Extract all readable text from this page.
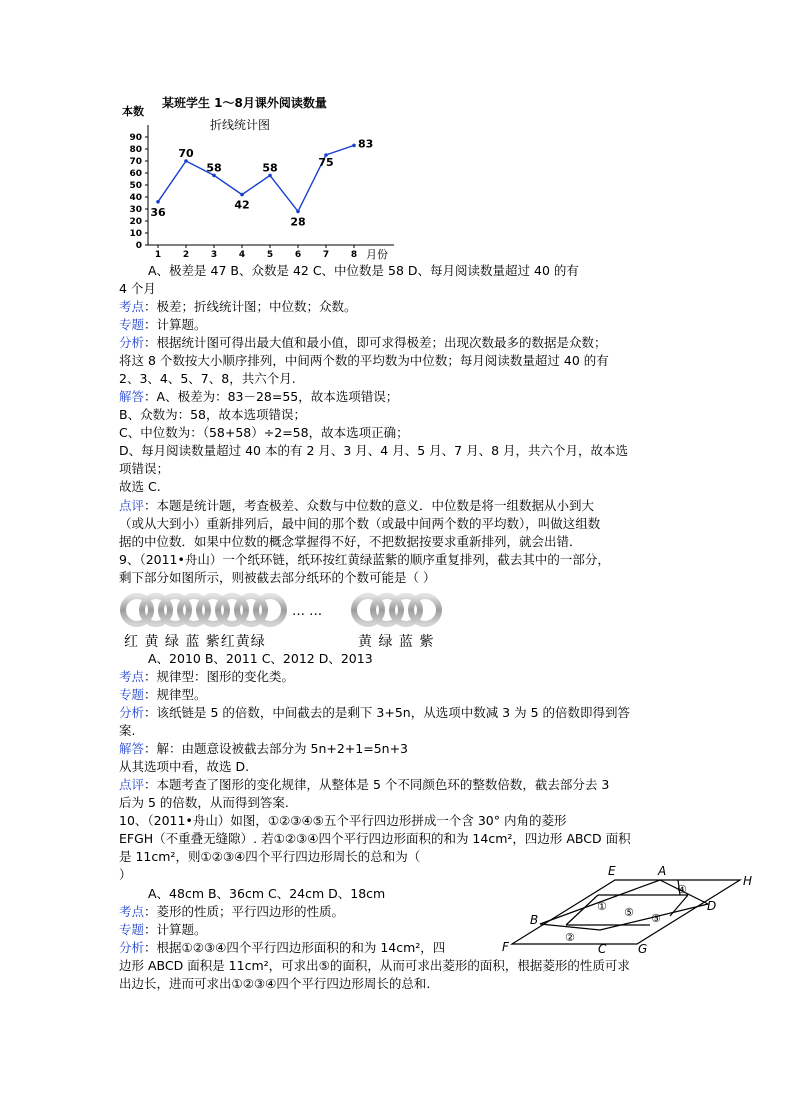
某班学生 1～8月课外阅读数量
折线统计图
本数
月份
0
10
20
30
40
50
60
70
80
90
1 2 3 4 5 6 7 8
36
70
58
42
58
28
75
83
A、极差是 47 B、众数是 42 C、中位数是 58 D、每月阅读数量超过 40 的有
4 个月
考点：极差；折线统计图；中位数；众数。
专题：计算题。
分析：根据统计图可得出最大值和最小值，即可求得极差；出现次数最多的数据是众数；
将这 8 个数按大小顺序排列，中间两个数的平均数为中位数；每月阅读数量超过 40 的有
2、3、4、5、7、8，共六个月.
解答：A、极差为：83－28=55，故本选项错误；
B、众数为：58，故本选项错误；
C、中位数为：（58+58）÷2=58，故本选项正确；
D、每月阅读数量超过 40 本的有 2 月、3 月、4 月、5 月、7 月、8 月，共六个月，故本选
项错误；
故选 C.
点评：本题是统计题，考查极差、众数与中位数的意义．中位数是将一组数据从小到大
（或从大到小）重新排列后，最中间的那个数（或最中间两个数的平均数），叫做这组数
据的中位数．如果中位数的概念掌握得不好，不把数据按要求重新排列，就会出错．
9、（2011•舟山）一个纸环链，纸环按红黄绿蓝紫的顺序重复排列，截去其中的一部分，
剩下部分如图所示，则被截去部分纸环的个数可能是（ ）
… …
红 黄 绿 蓝 紫红黄绿	黄 绿 蓝 紫
A、2010 B、2011 C、2012 D、2013
考点：规律型：图形的变化类。
专题：规律型。
分析：该纸链是 5 的倍数，中间截去的是剩下 3+5n，从选项中数减 3 为 5 的倍数即得到答
案.
解答：解：由题意设被截去部分为 5n+2+1=5n+3
从其选项中看，故选 D.
点评：本题考查了图形的变化规律，从整体是 5 个不同颜色环的整数倍数，截去部分去 3
后为 5 的倍数，从而得到答案.
10、（2011•舟山）如图，①②③④⑤五个平行四边形拼成一个含 30° 内角的菱形
EFGH（不重叠无缝隙）. 若①②③④四个平行四边形面积的和为 14cm²，四边形 ABCD 面积
是 11cm²，则①②③④四个平行四边形周长的总和为（
）
A、48cm B、36cm C、24cm D、18cm
考点：菱形的性质；平行四边形的性质。
专题：计算题。
分析：根据①②③④四个平行四边形面积的和为 14cm²，四
边形 ABCD 面积是 11cm²，可求出⑤的面积，从而可求出菱形的面积，根据菱形的性质可求
出边长，进而可求出①②③④四个平行四边形周长的总和.
E	A
H
D
B
F	C	G
①
②
③
④
⑤
